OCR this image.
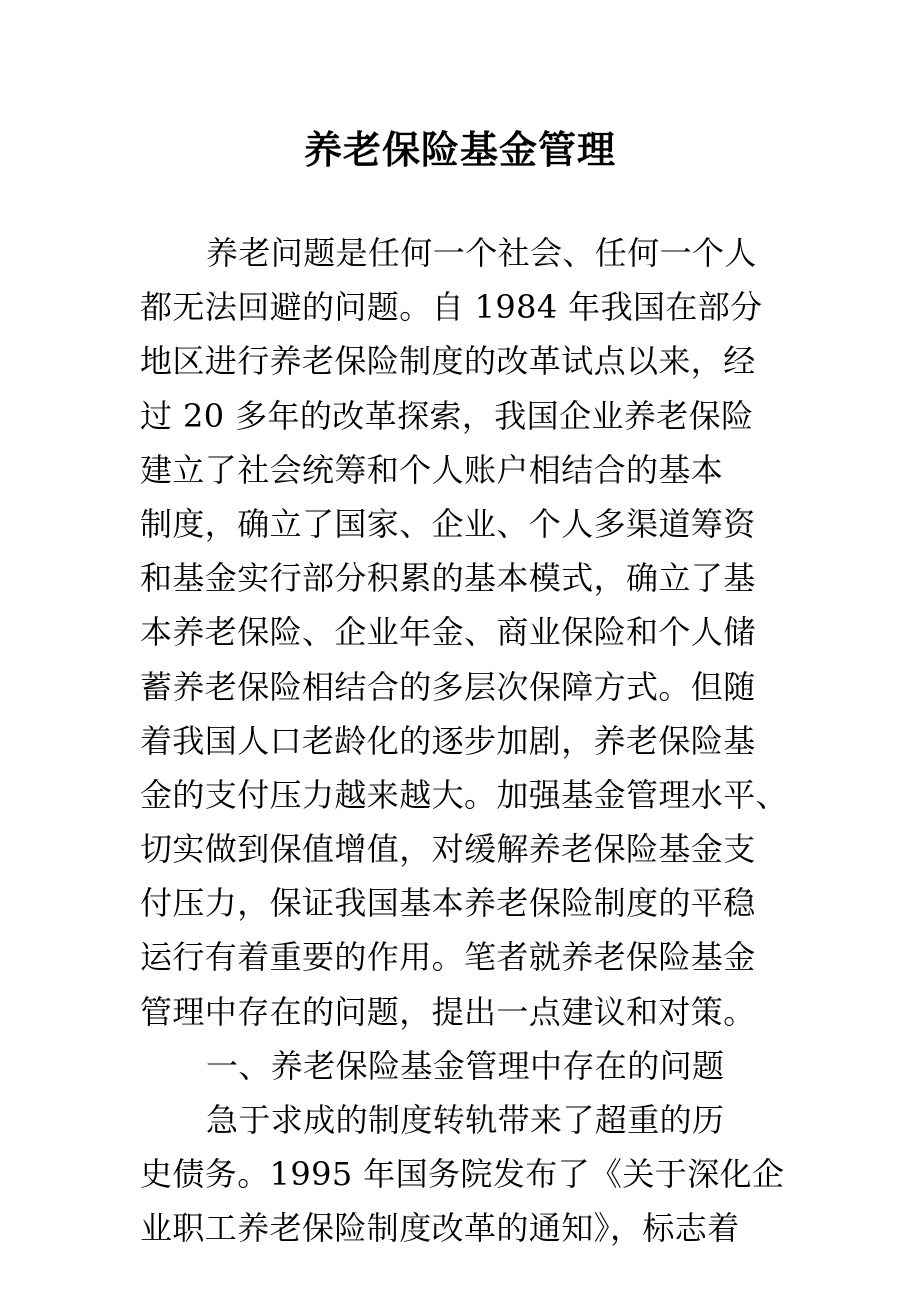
养老保险基金管理
养老问题是任何一个社会、任何一个人
都无法回避的问题。自 1984 年我国在部分
地区进行养老保险制度的改革试点以来，经
过 20 多年的改革探索，我国企业养老保险
建立了社会统筹和个人账户相结合的基本
制度，确立了国家、企业、个人多渠道筹资
和基金实行部分积累的基本模式，确立了基
本养老保险、企业年金、商业保险和个人储
蓄养老保险相结合的多层次保障方式。但随
着我国人口老龄化的逐步加剧，养老保险基
金的支付压力越来越大。加强基金管理水平、
切实做到保值增值，对缓解养老保险基金支
付压力，保证我国基本养老保险制度的平稳
运行有着重要的作用。笔者就养老保险基金
管理中存在的问题，提出一点建议和对策。
一、养老保险基金管理中存在的问题
急于求成的制度转轨带来了超重的历
史债务。1995 年国务院发布了《关于深化企
业职工养老保险制度改革的通知》，标志着
